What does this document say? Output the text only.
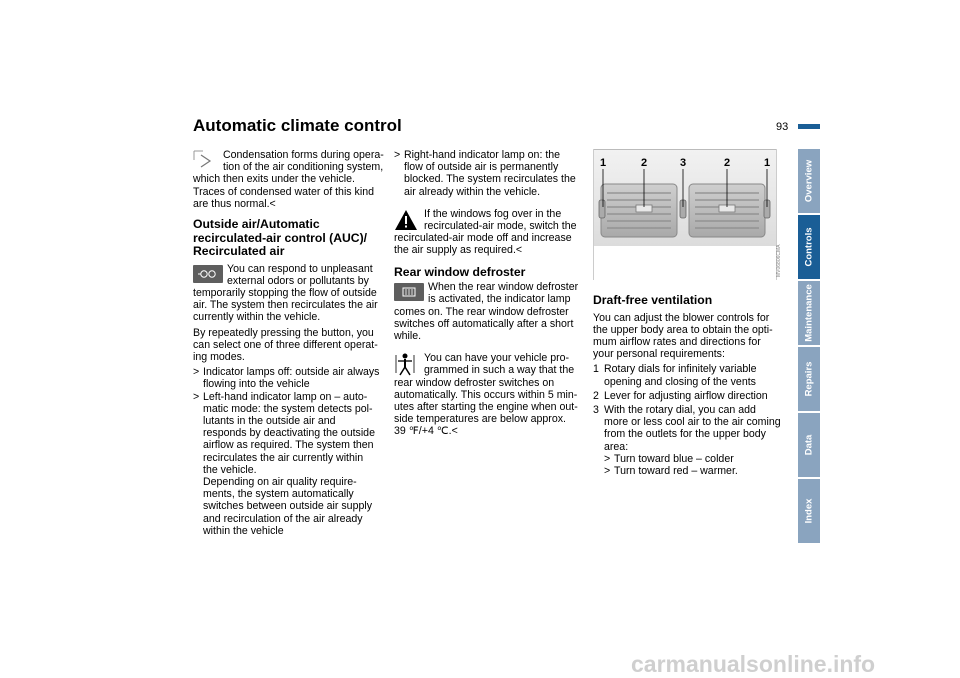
Automatic climate control	93
Condensation forms during opera-
tion of the air conditioning system,
which then exits under the vehicle.
Traces of condensed water of this kind
are thus normal.<
Outside air/Automatic
recirculated-air control (AUC)/
Recirculated air
You can respond to unpleasant
external odors or pollutants by
temporarily stopping the flow of outside
air. The system then recirculates the air
currently within the vehicle.
By repeatedly pressing the button, you
can select one of three different operat-
ing modes.
> Indicator lamps off: outside air always
flowing into the vehicle
> Left-hand indicator lamp on – auto-
matic mode: the system detects pol-
lutants in the outside air and
responds by deactivating the outside
airflow as required. The system then
recirculates the air currently within
the vehicle.
Depending on air quality require-
ments, the system automatically
switches between outside air supply
and recirculation of the air already
within the vehicle
> Right-hand indicator lamp on: the
flow of outside air is permanently
blocked. The system recirculates the
air already within the vehicle.
If the windows fog over in the
recirculated-air mode, switch the
recirculated-air mode off and increase
the air supply as required.<
Rear window defroster
When the rear window defroster
is activated, the indicator lamp
comes on. The rear window defroster
switches off automatically after a short
while.
You can have your vehicle pro-
grammed in such a way that the
rear window defroster switches on
automatically. This occurs within 5 min-
utes after starting the engine when out-
side temperatures are below approx.
39 ℉/+4 ℃.<
1	2	3	2	1
MV06806CMA
Draft-free ventilation
You can adjust the blower controls for
the upper body area to obtain the opti-
mum airflow rates and directions for
your personal requirements:
1 Rotary dials for infinitely variable
opening and closing of the vents
2 Lever for adjusting airflow direction
3 With the rotary dial, you can add
more or less cool air to the air coming
from the outlets for the upper body
area:
> Turn toward blue – colder
> Turn toward red – warmer.
Overview
Controls
Maintenance
Repairs
Data
Index
carmanualsonline.info
